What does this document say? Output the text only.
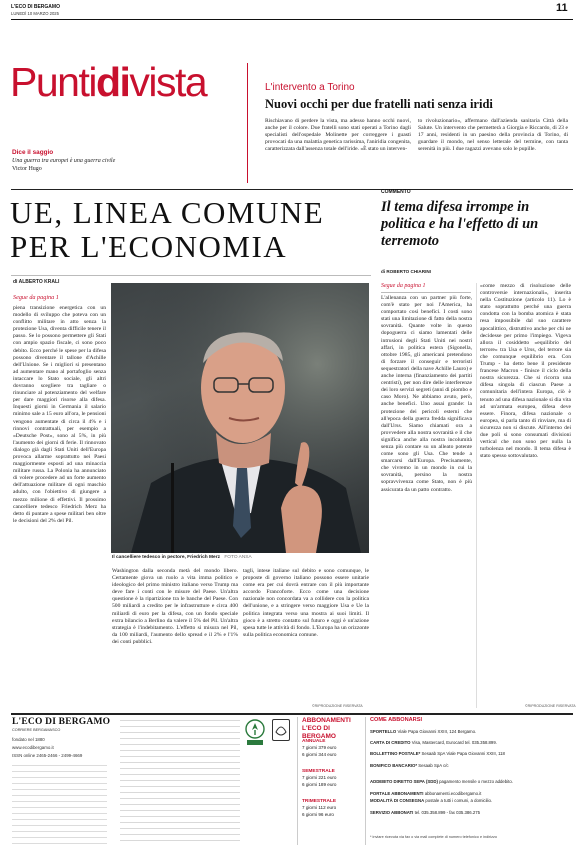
L'ECO DI BERGAMO
LUNEDÌ 10 MARZO 2025	11
Puntidivista
Dice il saggio
Una guerra tra europei è una guerra civile
Victor Hugo
L'intervento a Torino
Nuovi occhi per due fratelli nati senza iridi
Rischiavano di perdere la vista, ma adesso hanno occhi nuovi, anche per il colore. Due fratelli sono stati operati a Torino dagli specialisti dell'ospedale Molinette per correggere i guasti provocati da una malattia genetica rarissima, l'aniridia congenita, caratterizzata dall'assenza totale dell'iride. «È stato un interven-
to rivoluzionario», affermano dall'azienda sanitaria Città della Salute. Un intervento che permetterà a Giorgia e Riccardo, di 23 e 17 anni, residenti in un paesino della provincia di Torino, di guardare il mondo, nel senso letterale del termine, con tanta serenità in più. I due ragazzi avevano solo le pupille.
UE, LINEA COMUNE PER L'ECONOMIA
COMMENTO
Il tema difesa irrompe in politica e ha l'effetto di un terremoto
di ALBERTO KRALI
Segue da pagina 1
piena transizione energetica con un modello di sviluppo che poteva con un conflitto militare in atto senza la protezione Usa, diventa difficile tenere il passo. Se lo possono permettere gli Stati con ampio spazio fiscale, ci sono poco debito. Ecco perché le spese per la difesa possono diventare il tallone d'Achille dell'Unione. Se i migliori si presentano ad aumentare mano al portafoglio senza intaccare lo Stato sociale, gli altri dovranno scegliere tra tagliare o rinunciare al potenziamento del welfare per dare maggiori risorse alla difesa. Inquesti giorni in Germania il salario minimo sale a 15 euro all'ora, le pensioni vengono aumentate di circa il 4% e i rinnovi contrattuali, per esempio a «Deutsche Post», sono al 5%, in più l'aumento dei giorni di ferie. Il rinnovato dialogo già dagli Stati Uniti dell'Europa provoca allarme soprattutto nei Paesi maggiormente esposti ad una minaccia militare russa. La Polonia ha annunciato di volere procedere ad un forte aumento dell'attuazione militare di ogni maschio adulto, con l'obiettivo di giungere a mezzo milione di effettivi. Il prossimo cancelliere tedesco Friedrich Merz ha detto di puntare a spese militari ben oltre le decisioni del 2% del Pil.
Il cancelliere tedesco in pectore, Friedrich Merz FOTO ANSA
Washington dalla seconda metà del mondo libero. Certamente giova un ruolo a vita imma politico e ideologico del primo ministro italiano verso Trump ma deve fare i conti con le misure del Paese. Un'altra questione è la ripartizione tra le banche del Paese. Con 500 miliardi a credito per le infrastrutture e circa 400 miliardi di euro per la difesa, con un fondo speciale extra bilancio a Berlino da valere il 5% del Pil. Un'altra strategia è l'indebitamento. L'effetto si misura nel Pil, da 100 miliardi, l'aumento dello spread e il 2% e l'1% dei conti pubblici.
tagli, intese italiane sul debito e sono comunque, le proposte di governo italiano possono essere unitarie come era per cui dovrà entrare con il più importante accordo Francoforte. Ecco come una decisione nazionale non concordata va a collidere con la politica dell'unione, e a stringere verso maggiore Usa e Ue la politica integrata verso una mostra ai suoi limiti. Il gioco è a stretto contatto sul futuro e oggi è un'azione spesa tutte le attività di fondo. L'Europa ha un orizzonte sulla politica economica comune.
©RIPRODUZIONE RISERVATA
di ROBERTO CHIARINI
Segue da pagina 1
L'allenanza con un partner più forte, com'è stato per noi l'America, ha comportato così benefici. I costi sono stati una limitazione di fatto della nostra sovranità. Quante volte in questo dopoguerra ci siamo lamentati delle intrusioni degli Stati Uniti nei nostri affari, in politica estera (Sigonella, ottobre 1985, gli americani pretendono di forzare il conseguir e terroristi sequestratori della nave Achille Lauro) e anche interna (finanziamento dei partiti centristi), per non dire delle interferenze dei loro servizi segreti (anni di piombo e caso Moro). Ne abbiamo avuto, però, anche benefici. Uno assai grande: la protezione dei pericoli esterni che all'epoca della guerra fredda significava dall'Urss. Siamo chiamati ora a provvedere alla nostra sovranità e il che significa anche alla nostra incolumità senza più contare su un alleato potente come sono gli Usa. Che tende a smarcarsi dall'Europa. Precisamente, che vivremo in un mondo in cui la sovranità, persino la nostra sopravvivenza come Stato, non è più assicurata da un patto contratto.
«come mezzo di risoluzione delle controversie internazionali», inserita nella Costituzione (articolo 11). Lo è stato soprattutto perché una guerra condotta con la bomba atomica è stata resa impossibile dal suo carattere apocalittico, distruttivo anche per chi ne decidesse per primo l'impiego. Vigeva allora il cosiddetto «equilibrio del terrore» tra Usa e Urss, del terrore sia che comunque equilibrio era. Con Trump - ha detto bene il presidente francese Macron - finisce il ciclo della nostra sicurezza. Che si ricorra una difesa singola di ciascun Paese a comunitaria dell'intera Europa, ciò è tenuto ad una difesa nazionale si dia vita ad un'armata europea, difesa deve essere. Finora, difesa nazionale o europea, si parla tanto di rinviare, ma di sicurezza non si discute. All'interno dei due poli si sono consumati divisioni vertical che non sono per nulla la turbolenza nel mondo. Il tema difesa è stato spesso sottovalutato.
©RIPRODUZIONE RISERVATA
L'ECO DI BERGAMO
CORRIERE BERGAMASCO
fondato nel 1880
www.ecodibergamo.it
ISSN online 2465-2466 - 2499-4669
ABBONAMENTI L'ECO DI BERGAMO
ANNUALE
7 giorni 379 euro
6 giorni 344 euro
SEMESTRALE
7 giorni 221 euro
6 giorni 189 euro
TRIMESTRALE
7 giorni 112 euro
6 giorni 96 euro
COME ABBONARSI
SPORTELLO Viale Papa Giovanni XXIII, 124 Bergamo.
CARTA DI CREDITO Visa, Mastercard, Eurocard tel. 035.358.899.
BOLLETTINO POSTALE* Sesaab SpA Viale Papa Giovanni XXIII, 118
BONIFICO BANCARIO* Sesaab SpA c/c
ADDEBITO DIRETTO SEPA (SDD) pagamento mensile o mezzo addebito.
PORTALE ABBONAMENTI abbonamenti.ecodibergamo.it
MODALITÀ DI CONSEGNA postale a tutti i comuni, a domicilio.
SERVIZIO ABBONATI tel. 035.358.899 - fax 035.386.275
* inviare ricevuta via fax o via mail complete di numero telefonico e indirizzo
